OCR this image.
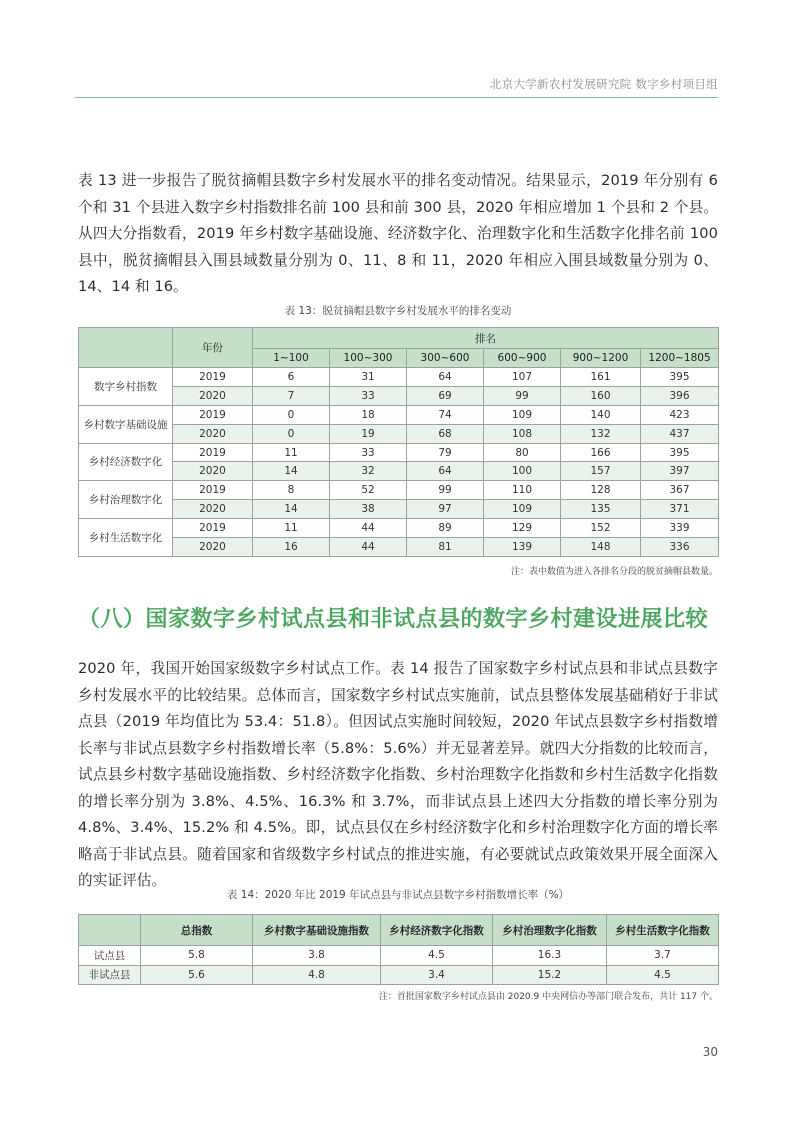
北京大学新农村发展研究院 数字乡村项目组

表 13 进一步报告了脱贫摘帽县数字乡村发展水平的排名变动情况。结果显示，2019 年分别有 6 个和 31 个县进入数字乡村指数排名前 100 县和前 300 县，2020 年相应增加 1 个县和 2 个县。从四大分指数看，2019 年乡村数字基础设施、经济数字化、治理数字化和生活数字化排名前 100 县中，脱贫摘帽县入围县域数量分别为 0、11、8 和 11，2020 年相应入围县域数量分别为 0、14、14 和 16。

表 13：脱贫摘帽县数字乡村发展水平的排名变动
	年份	排名					
		1~100	100~300	300~600	600~900	900~1200	1200~1805
数字乡村指数	2019	6	31	64	107	161	395
	2020	7	33	69	99	160	396
乡村数字基础设施	2019	0	18	74	109	140	423
	2020	0	19	68	108	132	437
乡村经济数字化	2019	11	33	79	80	166	395
	2020	14	32	64	100	157	397
乡村治理数字化	2019	8	52	99	110	128	367
	2020	14	38	97	109	135	371
乡村生活数字化	2019	11	44	89	129	152	339
	2020	16	44	81	139	148	336
注：表中数值为进入各排名分段的脱贫摘帽县数量。
（八）国家数字乡村试点县和非试点县的数字乡村建设进展比较

2020 年，我国开始国家级数字乡村试点工作。表 14 报告了国家数字乡村试点县和非试点县数字乡村发展水平的比较结果。总体而言，国家数字乡村试点实施前，试点县整体发展基础稍好于非试点县（2019 年均值比为 53.4：51.8）。但因试点实施时间较短，2020 年试点县数字乡村指数增长率与非试点县数字乡村指数增长率（5.8%：5.6%）并无显著差异。就四大分指数的比较而言，试点县乡村数字基础设施指数、乡村经济数字化指数、乡村治理数字化指数和乡村生活数字化指数的增长率分别为 3.8%、4.5%、16.3% 和 3.7%，而非试点县上述四大分指数的增长率分别为 4.8%、3.4%、15.2% 和 4.5%。即，试点县仅在乡村经济数字化和乡村治理数字化方面的增长率略高于非试点县。随着国家和省级数字乡村试点的推进实施，有必要就试点政策效果开展全面深入的实证评估。

表 14：2020 年比 2019 年试点县与非试点县数字乡村指数增长率（%）
	总指数	乡村数字基础设施指数	乡村经济数字化指数	乡村治理数字化指数	乡村生活数字化指数
试点县	5.8	3.8	4.5	16.3	3.7
非试点县	5.6	4.8	3.4	15.2	4.5
注：首批国家数字乡村试点县由 2020.9 中央网信办等部门联合发布，共计 117 个。
30
